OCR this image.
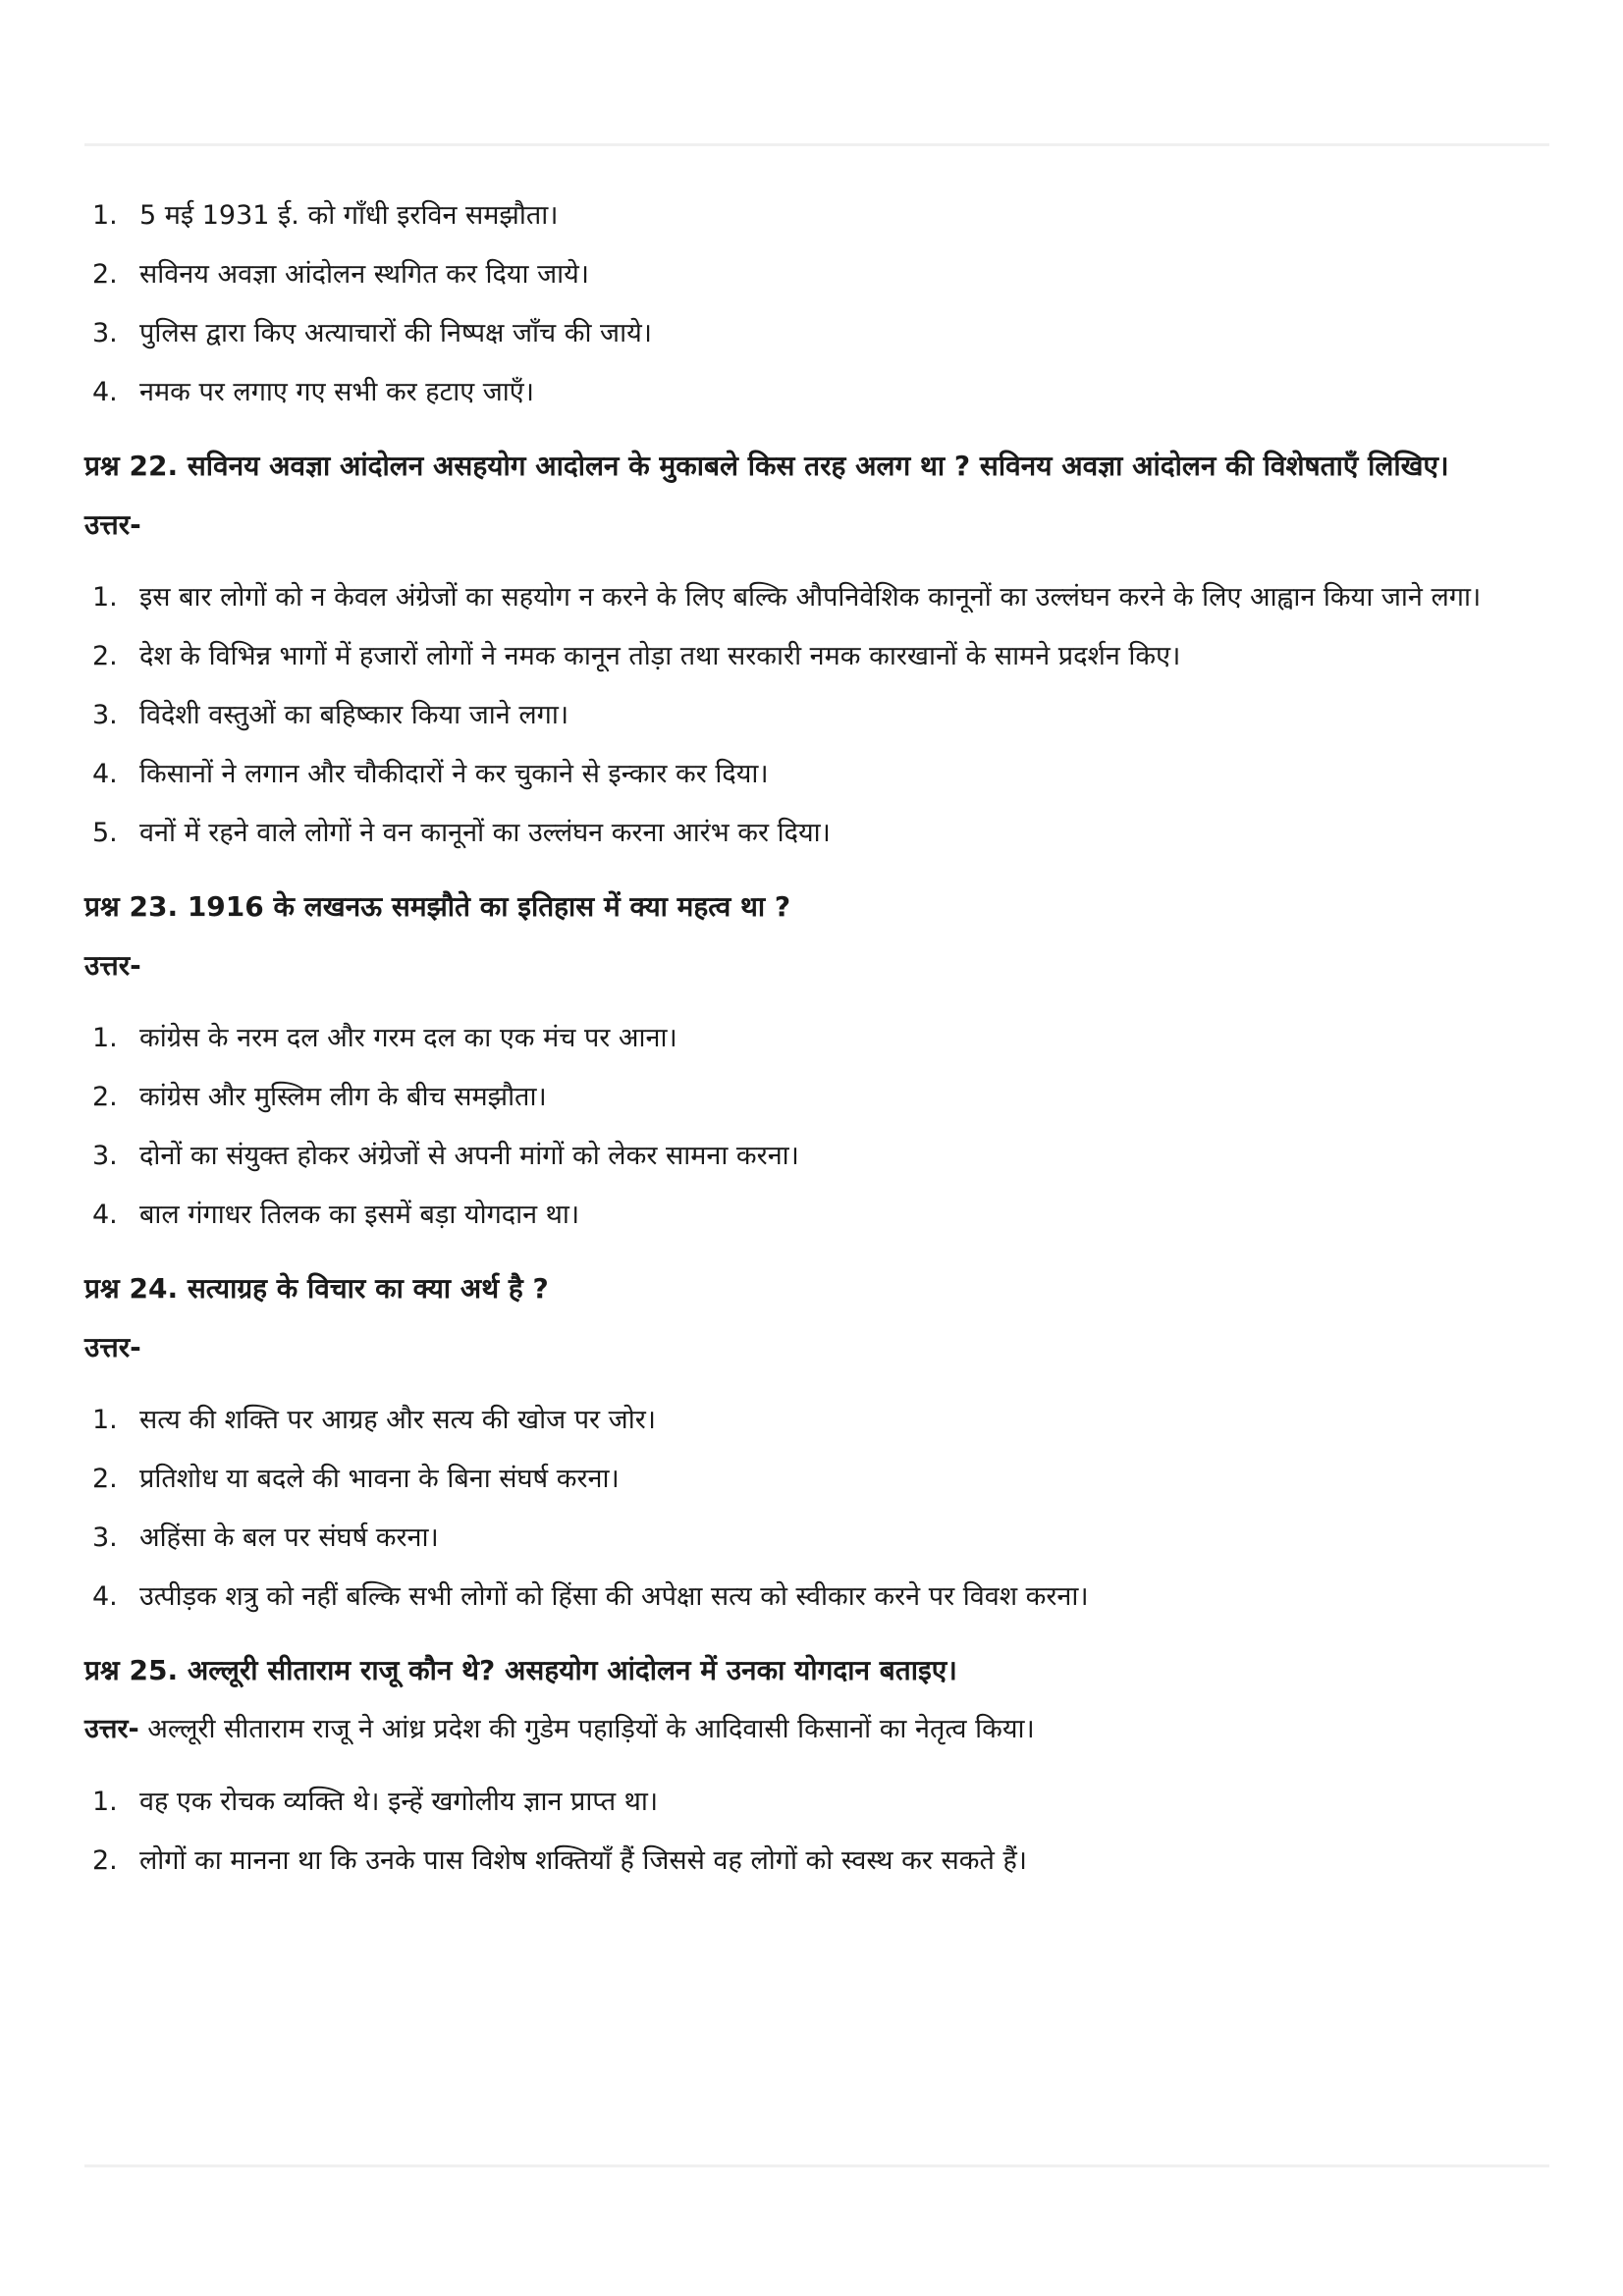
1. 5 मई 1931 ई. को गाँधी इरविन समझौता।
2. सविनय अवज्ञा आंदोलन स्थगित कर दिया जाये।
3. पुलिस द्वारा किए अत्याचारों की निष्पक्ष जाँच की जाये।
4. नमक पर लगाए गए सभी कर हटाए जाएँ।

प्रश्न 22. सविनय अवज्ञा आंदोलन असहयोग आदोलन के मुकाबले किस तरह अलग था ? सविनय अवज्ञा आंदोलन की विशेषताएँ लिखिए।

उत्तर-

1. इस बार लोगों को न केवल अंग्रेजों का सहयोग न करने के लिए बल्कि औपनिवेशिक कानूनों का उल्लंघन करने के लिए आह्वान किया जाने लगा।
2. देश के विभिन्न भागों में हजारों लोगों ने नमक कानून तोड़ा तथा सरकारी नमक कारखानों के सामने प्रदर्शन किए।
3. विदेशी वस्तुओं का बहिष्कार किया जाने लगा।
4. किसानों ने लगान और चौकीदारों ने कर चुकाने से इन्कार कर दिया।
5. वनों में रहने वाले लोगों ने वन कानूनों का उल्लंघन करना आरंभ कर दिया।

प्रश्न 23. 1916 के लखनऊ समझौते का इतिहास में क्या महत्व था ?

उत्तर-

1. कांग्रेस के नरम दल और गरम दल का एक मंच पर आना।
2. कांग्रेस और मुस्लिम लीग के बीच समझौता।
3. दोनों का संयुक्त होकर अंग्रेजों से अपनी मांगों को लेकर सामना करना।
4. बाल गंगाधर तिलक का इसमें बड़ा योगदान था।

प्रश्न 24. सत्याग्रह के विचार का क्या अर्थ है ?

उत्तर-

1. सत्य की शक्ति पर आग्रह और सत्य की खोज पर जोर।
2. प्रतिशोध या बदले की भावना के बिना संघर्ष करना।
3. अहिंसा के बल पर संघर्ष करना।
4. उत्पीड़क शत्रु को नहीं बल्कि सभी लोगों को हिंसा की अपेक्षा सत्य को स्वीकार करने पर विवश करना।

प्रश्न 25. अल्लूरी सीताराम राजू कौन थे? असहयोग आंदोलन में उनका योगदान बताइए।

उत्तर- अल्लूरी सीताराम राजू ने आंध्र प्रदेश की गुडेम पहाड़ियों के आदिवासी किसानों का नेतृत्व किया।

1. वह एक रोचक व्यक्ति थे। इन्हें खगोलीय ज्ञान प्राप्त था।
2. लोगों का मानना था कि उनके पास विशेष शक्तियाँ हैं जिससे वह लोगों को स्वस्थ कर सकते हैं।
